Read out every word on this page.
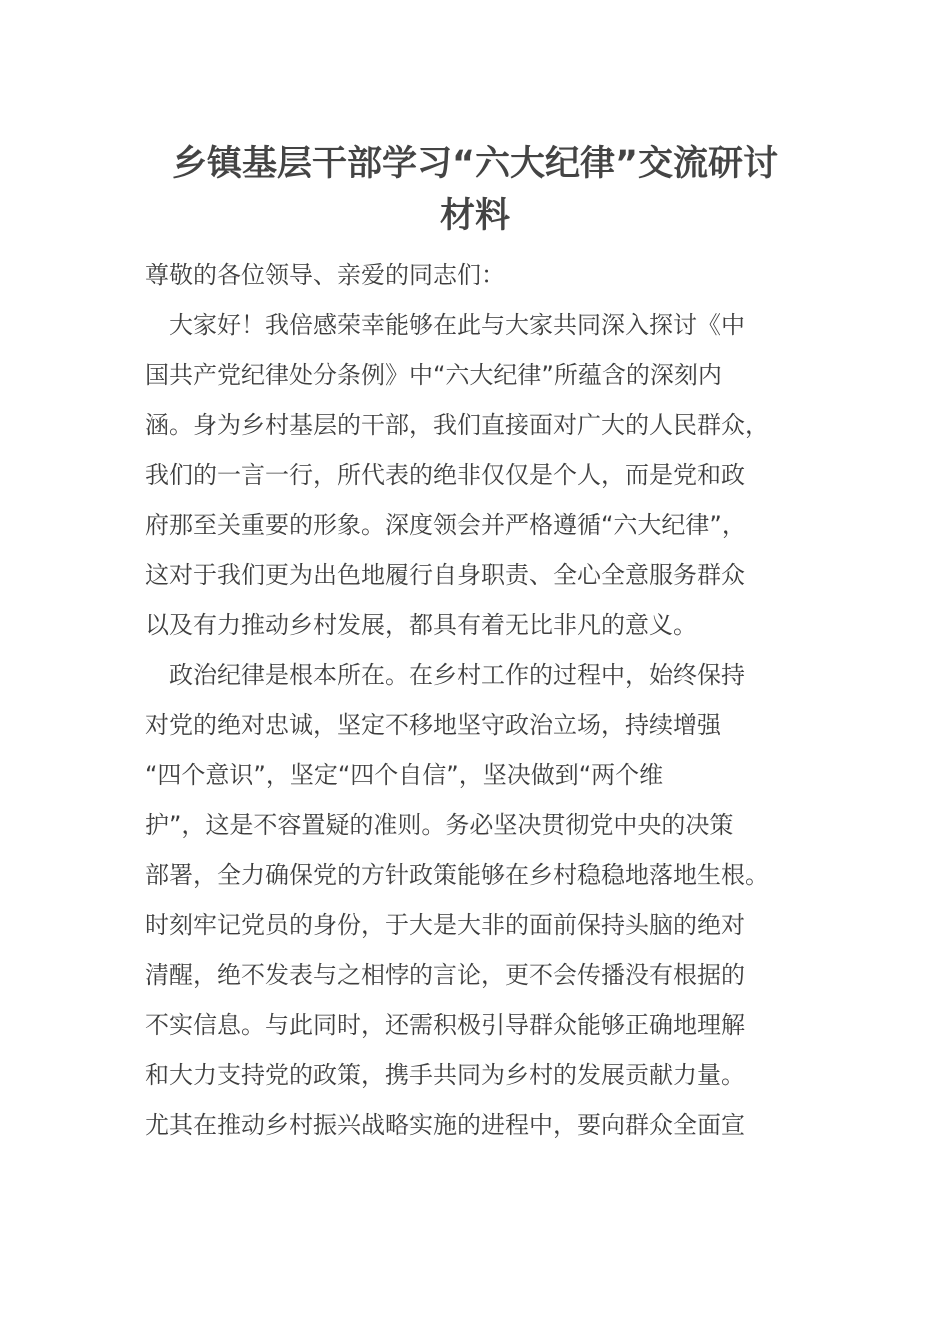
乡镇基层干部学习“六大纪律”交流研讨
材料
尊敬的各位领导、亲爱的同志们：
　大家好！我倍感荣幸能够在此与大家共同深入探讨《中
国共产党纪律处分条例》中“六大纪律”所蕴含的深刻内
涵。身为乡村基层的干部，我们直接面对广大的人民群众，
我们的一言一行，所代表的绝非仅仅是个人，而是党和政
府那至关重要的形象。深度领会并严格遵循“六大纪律”，
这对于我们更为出色地履行自身职责、全心全意服务群众
以及有力推动乡村发展，都具有着无比非凡的意义。
　政治纪律是根本所在。在乡村工作的过程中，始终保持
对党的绝对忠诚，坚定不移地坚守政治立场，持续增强
“四个意识”，坚定“四个自信”，坚决做到“两个维
护”，这是不容置疑的准则。务必坚决贯彻党中央的决策
部署，全力确保党的方针政策能够在乡村稳稳地落地生根。
时刻牢记党员的身份，于大是大非的面前保持头脑的绝对
清醒，绝不发表与之相悖的言论，更不会传播没有根据的
不实信息。与此同时，还需积极引导群众能够正确地理解
和大力支持党的政策，携手共同为乡村的发展贡献力量。
尤其在推动乡村振兴战略实施的进程中，要向群众全面宣
